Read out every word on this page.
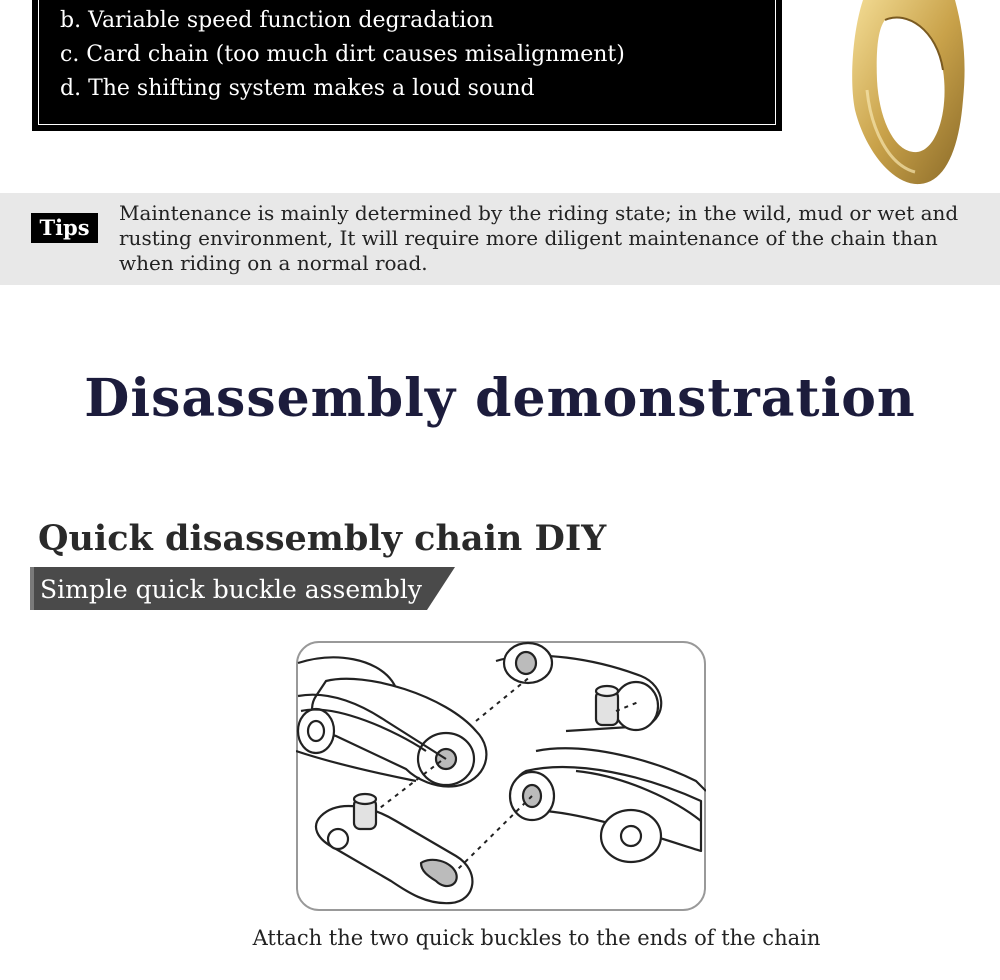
b. Variable speed function degradation
c. Card chain (too much dirt causes misalignment)
d. The shifting system makes a loud sound
Tips
Maintenance is mainly determined by the riding state; in the wild, mud or wet and rusting environment, It will require more diligent maintenance of the chain than when riding on a normal road.
Disassembly demonstration
Quick disassembly chain DIY
Simple quick buckle assembly
Attach the two quick buckles to the ends of the chain
